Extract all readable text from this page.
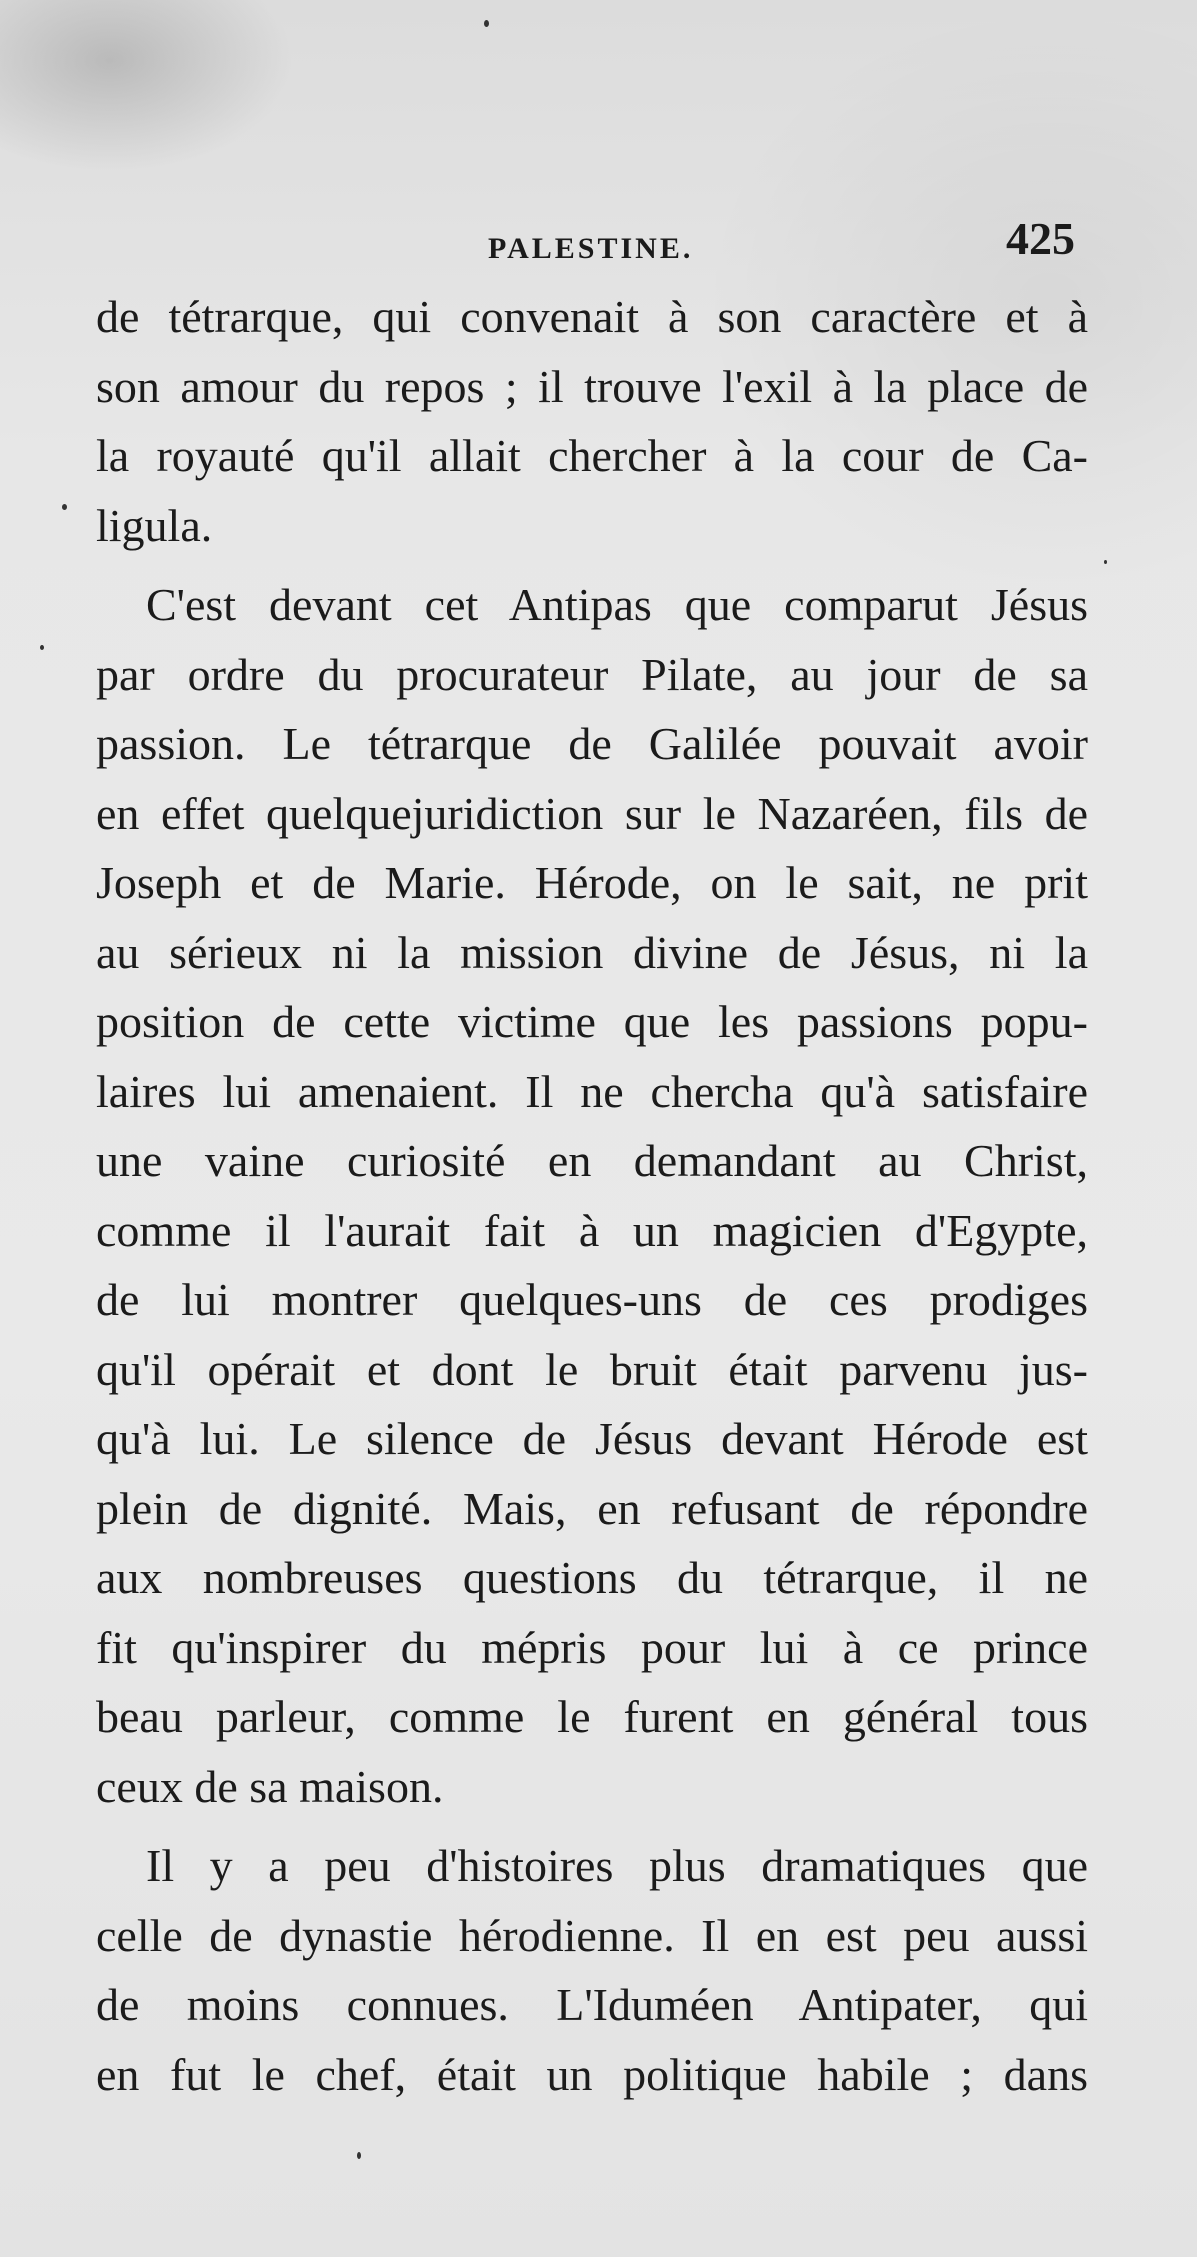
PALESTINE.	425
de tétrarque, qui convenait à son caractère et à
son amour du repos ; il trouve l'exil à la place de
la royauté qu'il allait chercher à la cour de Ca-
ligula.
C'est devant cet Antipas que comparut Jésus
par ordre du procurateur Pilate, au jour de sa
passion. Le tétrarque de Galilée pouvait avoir
en effet quelquejuridiction sur le Nazaréen, fils de
Joseph et de Marie. Hérode, on le sait, ne prit
au sérieux ni la mission divine de Jésus, ni la
position de cette victime que les passions popu-
laires lui amenaient. Il ne chercha qu'à satisfaire
une vaine curiosité en demandant au Christ,
comme il l'aurait fait à un magicien d'Egypte,
de lui montrer quelques-uns de ces prodiges
qu'il opérait et dont le bruit était parvenu jus-
qu'à lui. Le silence de Jésus devant Hérode est
plein de dignité. Mais, en refusant de répondre
aux nombreuses questions du tétrarque, il ne
fit qu'inspirer du mépris pour lui à ce prince
beau parleur, comme le furent en général tous
ceux de sa maison.
Il y a peu d'histoires plus dramatiques que
celle de dynastie hérodienne. Il en est peu aussi
de moins connues. L'Iduméen Antipater, qui
en fut le chef, était un politique habile ; dans
